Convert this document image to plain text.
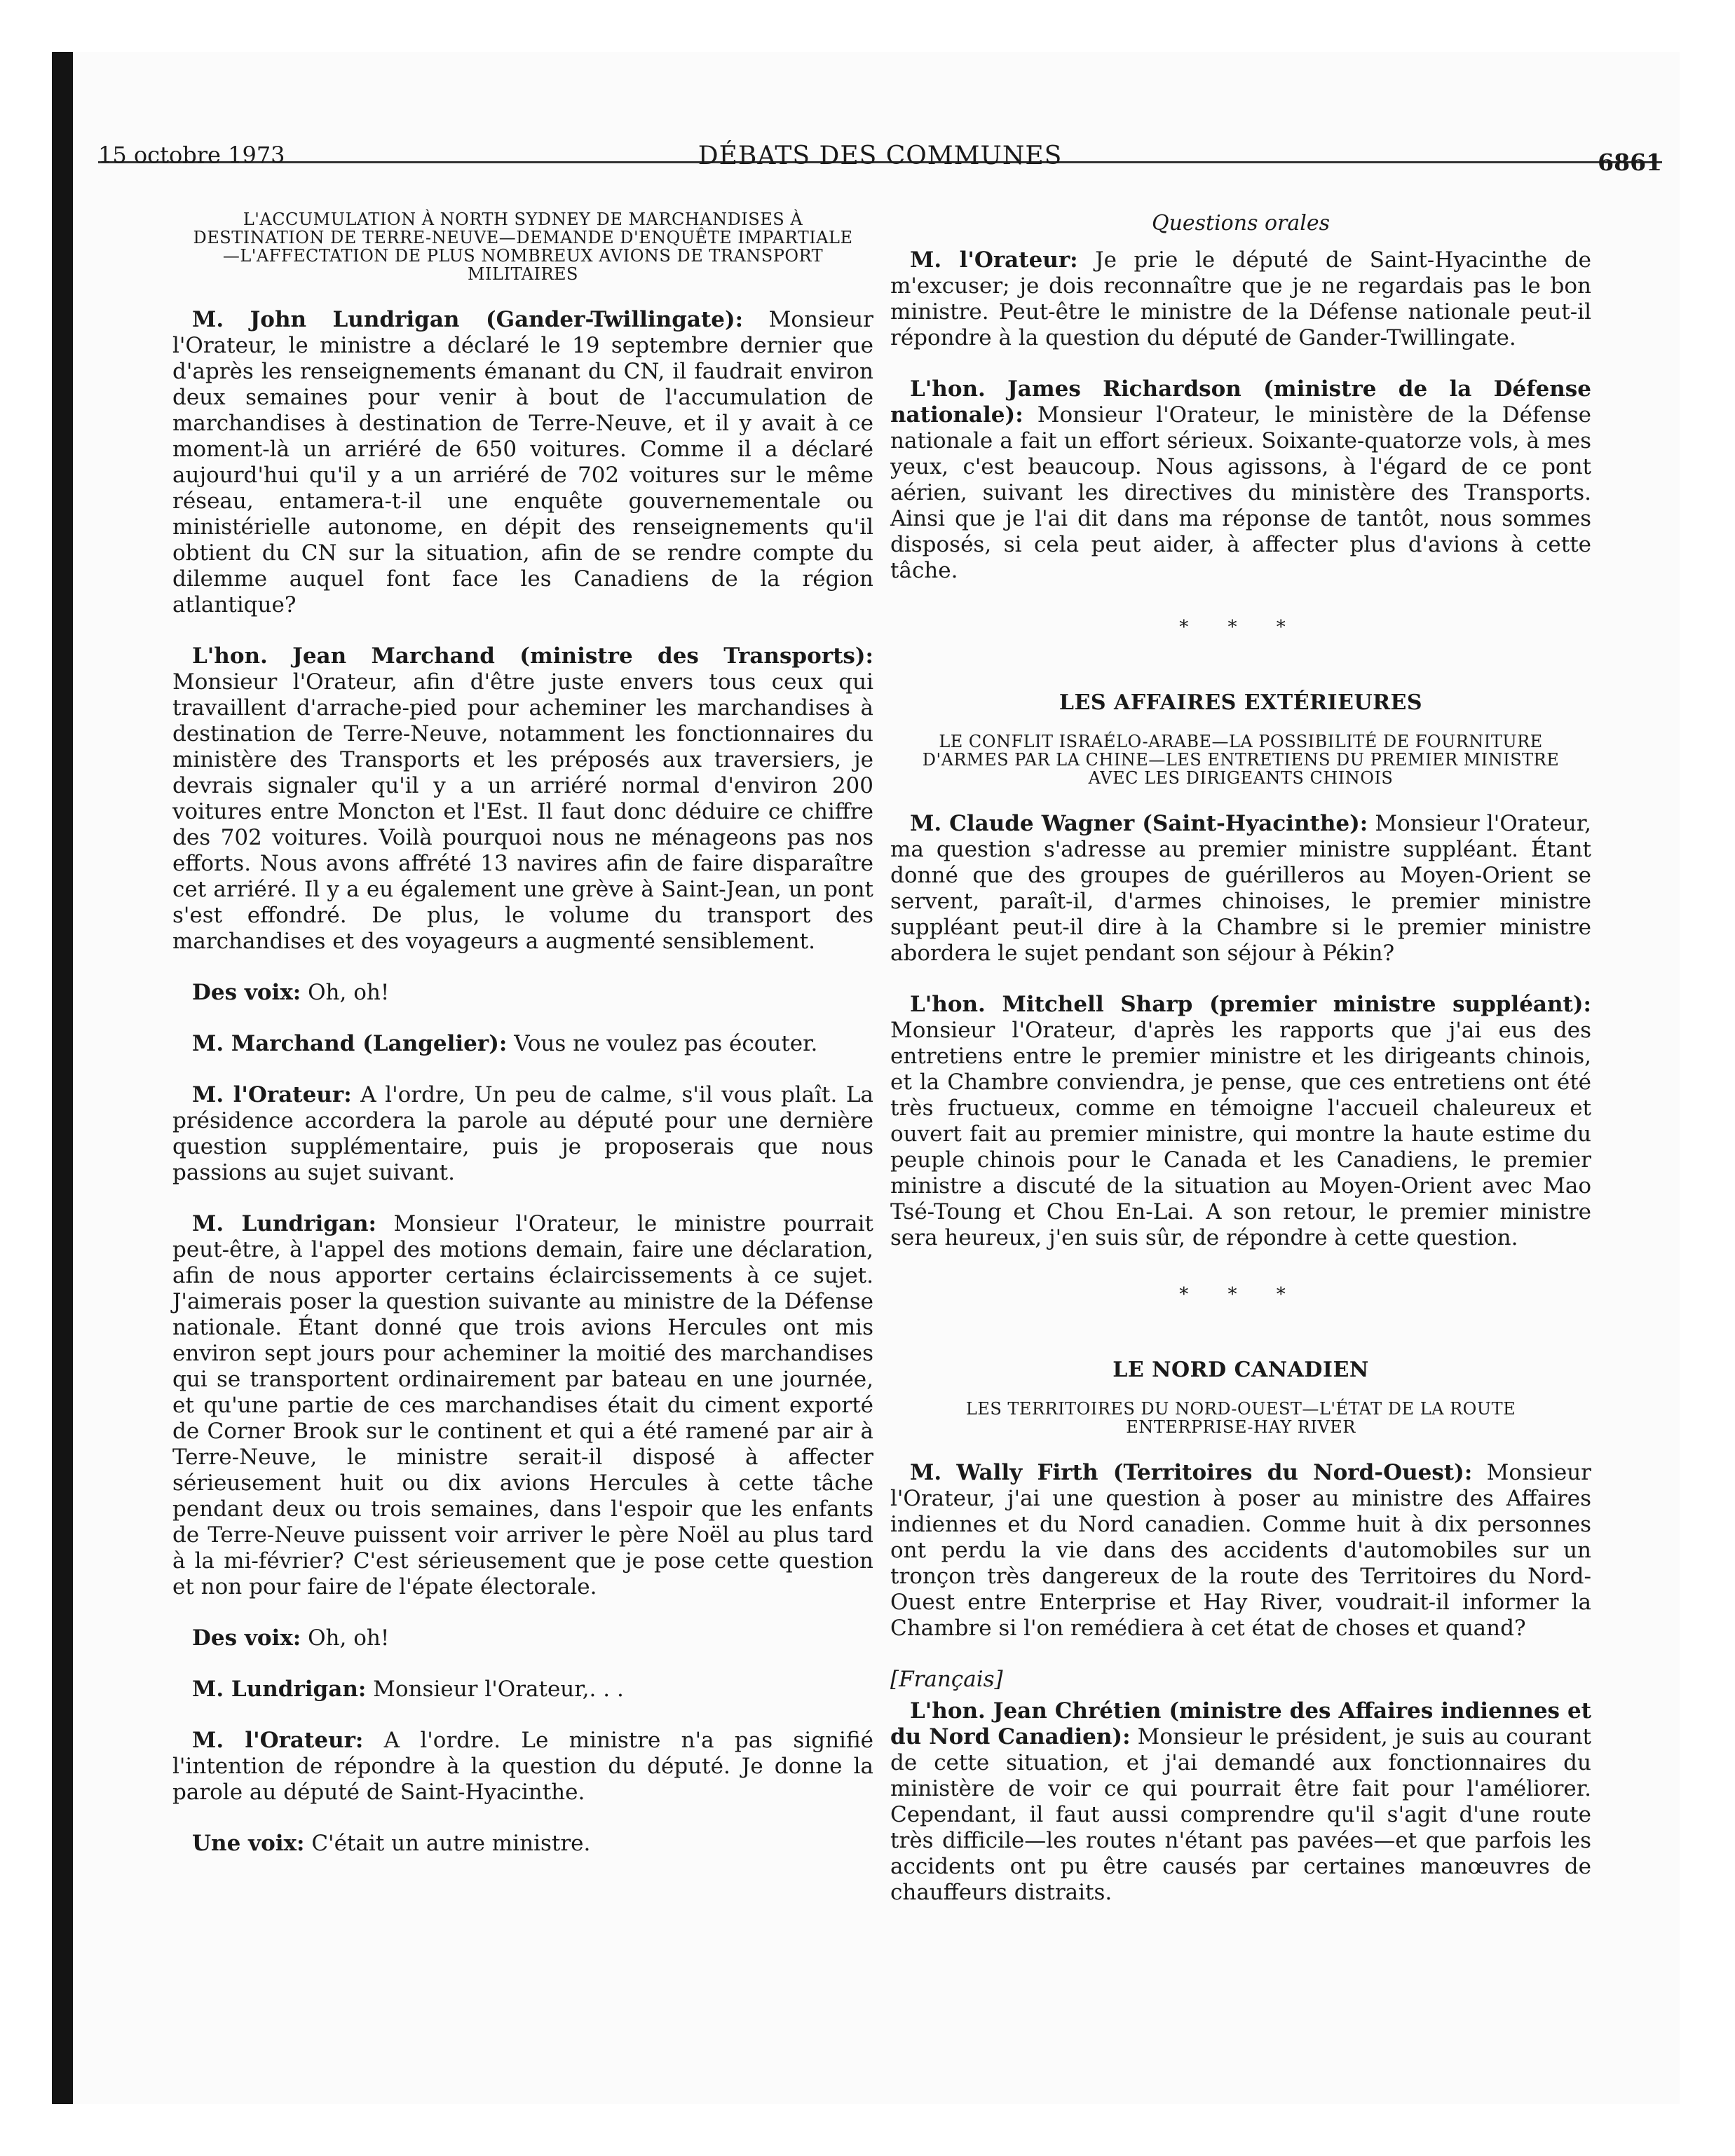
15 octobre 1973	DÉBATS DES COMMUNES	6861
L'ACCUMULATION À NORTH SYDNEY DE MARCHANDISES À DESTINATION DE TERRE-NEUVE—DEMANDE D'ENQUÊTE IMPARTIALE—L'AFFECTATION DE PLUS NOMBREUX AVIONS DE TRANSPORT MILITAIRES

M. John Lundrigan (Gander-Twillingate): Monsieur l'Orateur, le ministre a déclaré le 19 septembre dernier que d'après les renseignements émanant du CN, il faudrait environ deux semaines pour venir à bout de l'accumulation de marchandises à destination de Terre-Neuve, et il y avait à ce moment-là un arriéré de 650 voitures. Comme il a déclaré aujourd'hui qu'il y a un arriéré de 702 voitures sur le même réseau, entamera-t-il une enquête gouvernementale ou ministérielle autonome, en dépit des renseignements qu'il obtient du CN sur la situation, afin de se rendre compte du dilemme auquel font face les Canadiens de la région atlantique?

L'hon. Jean Marchand (ministre des Transports): Monsieur l'Orateur, afin d'être juste envers tous ceux qui travaillent d'arrache-pied pour acheminer les marchandises à destination de Terre-Neuve, notamment les fonctionnaires du ministère des Transports et les préposés aux traversiers, je devrais signaler qu'il y a un arriéré normal d'environ 200 voitures entre Moncton et l'Est. Il faut donc déduire ce chiffre des 702 voitures. Voilà pourquoi nous ne ménageons pas nos efforts. Nous avons affrété 13 navires afin de faire disparaître cet arriéré. Il y a eu également une grève à Saint-Jean, un pont s'est effondré. De plus, le volume du transport des marchandises et des voyageurs a augmenté sensiblement.

Des voix: Oh, oh!

M. Marchand (Langelier): Vous ne voulez pas écouter.

M. l'Orateur: A l'ordre, Un peu de calme, s'il vous plaît. La présidence accordera la parole au député pour une dernière question supplémentaire, puis je proposerais que nous passions au sujet suivant.

M. Lundrigan: Monsieur l'Orateur, le ministre pourrait peut-être, à l'appel des motions demain, faire une déclaration, afin de nous apporter certains éclaircissements à ce sujet. J'aimerais poser la question suivante au ministre de la Défense nationale. Étant donné que trois avions Hercules ont mis environ sept jours pour acheminer la moitié des marchandises qui se transportent ordinairement par bateau en une journée, et qu'une partie de ces marchandises était du ciment exporté de Corner Brook sur le continent et qui a été ramené par air à Terre-Neuve, le ministre serait-il disposé à affecter sérieusement huit ou dix avions Hercules à cette tâche pendant deux ou trois semaines, dans l'espoir que les enfants de Terre-Neuve puissent voir arriver le père Noël au plus tard à la mi-février? C'est sérieusement que je pose cette question et non pour faire de l'épate électorale.

Des voix: Oh, oh!

M. Lundrigan: Monsieur l'Orateur,. . .

M. l'Orateur: A l'ordre. Le ministre n'a pas signifié l'intention de répondre à la question du député. Je donne la parole au député de Saint-Hyacinthe.

Une voix: C'était un autre ministre.

Questions orales

M. l'Orateur: Je prie le député de Saint-Hyacinthe de m'excuser; je dois reconnaître que je ne regardais pas le bon ministre. Peut-être le ministre de la Défense nationale peut-il répondre à la question du député de Gander-Twillingate.

L'hon. James Richardson (ministre de la Défense nationale): Monsieur l'Orateur, le ministère de la Défense nationale a fait un effort sérieux. Soixante-quatorze vols, à mes yeux, c'est beaucoup. Nous agissons, à l'égard de ce pont aérien, suivant les directives du ministère des Transports. Ainsi que je l'ai dit dans ma réponse de tantôt, nous sommes disposés, si cela peut aider, à affecter plus d'avions à cette tâche.

* * *
LES AFFAIRES EXTÉRIEURES
LE CONFLIT ISRAÉLO-ARABE—LA POSSIBILITÉ DE FOURNITURE D'ARMES PAR LA CHINE—LES ENTRETIENS DU PREMIER MINISTRE AVEC LES DIRIGEANTS CHINOIS

M. Claude Wagner (Saint-Hyacinthe): Monsieur l'Orateur, ma question s'adresse au premier ministre suppléant. Étant donné que des groupes de guérilleros au Moyen-Orient se servent, paraît-il, d'armes chinoises, le premier ministre suppléant peut-il dire à la Chambre si le premier ministre abordera le sujet pendant son séjour à Pékin?

L'hon. Mitchell Sharp (premier ministre suppléant): Monsieur l'Orateur, d'après les rapports que j'ai eus des entretiens entre le premier ministre et les dirigeants chinois, et la Chambre conviendra, je pense, que ces entretiens ont été très fructueux, comme en témoigne l'accueil chaleureux et ouvert fait au premier ministre, qui montre la haute estime du peuple chinois pour le Canada et les Canadiens, le premier ministre a discuté de la situation au Moyen-Orient avec Mao Tsé-Toung et Chou En-Lai. A son retour, le premier ministre sera heureux, j'en suis sûr, de répondre à cette question.

* * *
LE NORD CANADIEN
LES TERRITOIRES DU NORD-OUEST—L'ÉTAT DE LA ROUTE ENTERPRISE-HAY RIVER

M. Wally Firth (Territoires du Nord-Ouest): Monsieur l'Orateur, j'ai une question à poser au ministre des Affaires indiennes et du Nord canadien. Comme huit à dix personnes ont perdu la vie dans des accidents d'automobiles sur un tronçon très dangereux de la route des Territoires du Nord-Ouest entre Enterprise et Hay River, voudrait-il informer la Chambre si l'on remédiera à cet état de choses et quand?

[Français]

L'hon. Jean Chrétien (ministre des Affaires indiennes et du Nord Canadien): Monsieur le président, je suis au courant de cette situation, et j'ai demandé aux fonctionnaires du ministère de voir ce qui pourrait être fait pour l'améliorer. Cependant, il faut aussi comprendre qu'il s'agit d'une route très difficile—les routes n'étant pas pavées—et que parfois les accidents ont pu être causés par certaines manœuvres de chauffeurs distraits.
